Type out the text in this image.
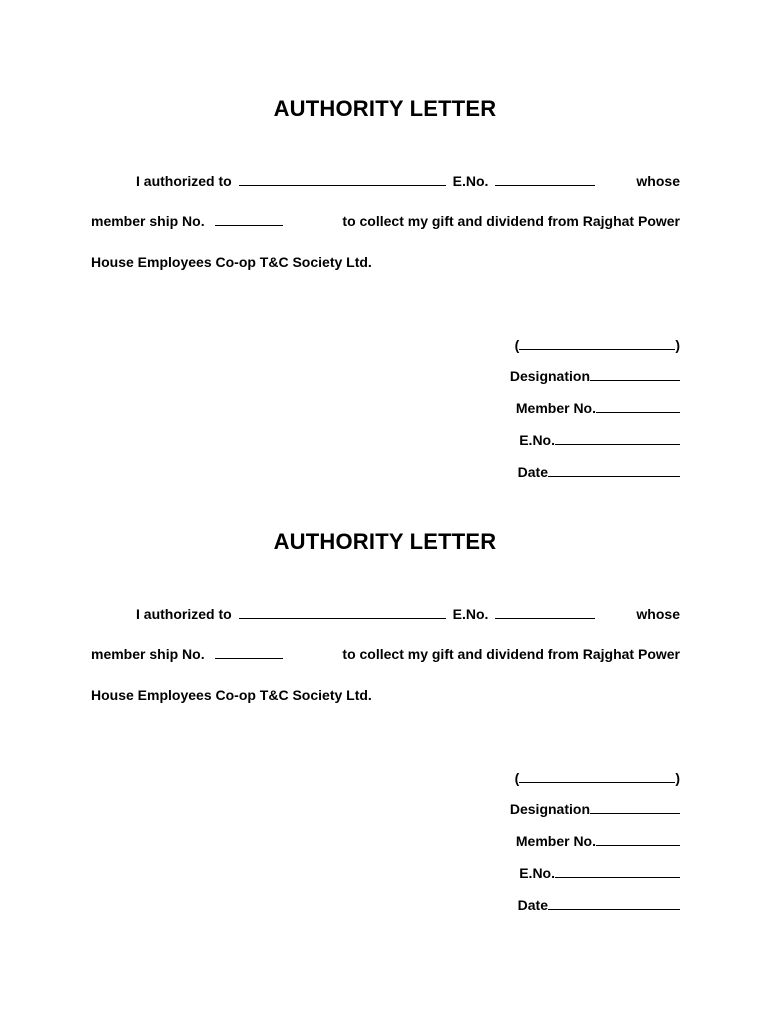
AUTHORITY LETTER
I authorized to	E.No.	whose
member ship No.	to collect my gift and dividend from Rajghat Power
House Employees Co-op T&C Society Ltd.
(	)
Designation
Member No.
E.No.
Date
AUTHORITY LETTER
I authorized to	E.No.	whose
member ship No.	to collect my gift and dividend from Rajghat Power
House Employees Co-op T&C Society Ltd.
(	)
Designation
Member No.
E.No.
Date
